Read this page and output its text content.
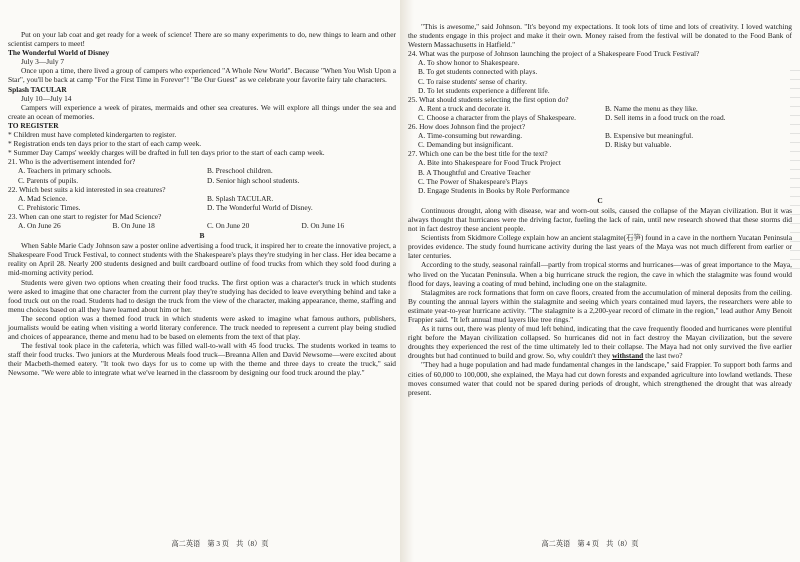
Put on your lab coat and get ready for a week of science! There are so many experiments to do, new things to learn and other scientist campers to meet!

The Wonderful World of Disney

July 3—July 7

Once upon a time, there lived a group of campers who experienced "A Whole New World". Because "When You Wish Upon a Star", you'll be back at camp "For the First Time in Forever"! "Be Our Guest" as we celebrate your favorite fairy tale characters.

Splash TACULAR

July 10—July 14

Campers will experience a week of pirates, mermaids and other sea creatures. We will explore all things under the sea and create an ocean of memories.

TO REGISTER

* Children must have completed kindergarten to register.

* Registration ends ten days prior to the start of each camp week.

* Summer Day Camps' weekly charges will be drafted in full ten days prior to the start of each camp week.

21. Who is the advertisement intended for?

A. Teachers in primary schools.	B. Preschool children.
C. Parents of pupils.	D. Senior high school students.

22. Which best suits a kid interested in sea creatures?

A. Mad Science.	B. Splash TACULAR.
C. Prehistoric Times.	D. The Wonderful World of Disney.

23. When can one start to register for Mad Science?

A. On June 26	B. On June 18	C. On June 20	D. On June 16

B

When Sable Marie Cady Johnson saw a poster online advertising a food truck, it inspired her to create the innovative project, a Shakespeare Food Truck Festival, to connect students with the Shakespeare's plays they're studying in her class. Her idea became a reality on April 28. Nearly 200 students designed and built cardboard outline of food trucks from which they sold food during a mid-morning activity period.

Students were given two options when creating their food trucks. The first option was a character's truck in which students were asked to imagine that one character from the current play they're studying has decided to leave everything behind and take a food truck out on the road. Students had to design the truck from the view of the character, making appearance, theme, staffing and menu choices based on all they have learned about him or her.

The second option was a themed food truck in which students were asked to imagine what famous authors, publishers, journalists would be eating when visiting a world literary conference. The truck needed to represent a current play being studied and choices of appearance, theme and menu had to be based on elements from the text of that play.

The festival took place in the cafeteria, which was filled wall-to-wall with 45 food trucks. The students worked in teams to staff their food trucks. Two juniors at the Murderous Meals food truck—Breanna Allen and David Newsome—were excited about their Macbeth-themed eatery. "It took two days for us to come up with the theme and three days to create the truck," said Newsome. "We were able to integrate what we've learned in the classroom by designing our food truck around the play."

"This is awesome," said Johnson. "It's beyond my expectations. It took lots of time and lots of creativity. I loved watching the students engage in this project and make it their own. Money raised from the festival will be donated to the Food Bank of Western Massachusetts in Hatfield."

24. What was the purpose of Johnson launching the project of a Shakespeare Food Truck Festival?

A. To show honor to Shakespeare.

B. To get students connected with plays.

C. To raise students' sense of charity.

D. To let students experience a different life.

25. What should students selecting the first option do?

A. Rent a truck and decorate it.	B. Name the menu as they like.
C. Choose a character from the plays of Shakespeare.	D. Sell items in a food truck on the road.

26. How does Johnson find the project?

A. Time-consuming but rewarding.	B. Expensive but meaningful.
C. Demanding but insignificant.	D. Risky but valuable.

27. Which one can be the best title for the text?

A. Bite into Shakespeare for Food Truck Project

B. A Thoughtful and Creative Teacher

C. The Power of Shakespeare's Plays

D. Engage Students in Books by Role Performance

C

Continuous drought, along with disease, war and worn-out soils, caused the collapse of the Mayan civilization. But it was always thought that hurricanes were the driving factor, fueling the lack of rain, until new research showed that these storms did not in fact destroy these ancient people.

Scientists from Skidmore College explain how an ancient stalagmite(石笋) found in a cave in the northern Yucatan Peninsula provides evidence. The study found hurricane activity during the last years of the Maya was not much different from earlier or later centuries.

According to the study, seasonal rainfall—partly from tropical storms and hurricanes—was of great importance to the Maya, who lived on the Yucatan Peninsula. When a big hurricane struck the region, the cave in which the stalagmite was found would flood for days, leaving a coating of mud behind, including one on the stalagmite.

Stalagmites are rock formations that form on cave floors, created from the accumulation of mineral deposits from the ceiling. By counting the annual layers within the stalagmite and seeing which years contained mud layers, the researchers were able to estimate year-to-year hurricane activity. "The stalagmite is a 2,200-year record of climate in the region," lead author Amy Benoit Frappier said. "It left annual mud layers like tree rings."

As it turns out, there was plenty of mud left behind, indicating that the cave frequently flooded and hurricanes were plentiful right before the Mayan civilization collapsed. So hurricanes did not in fact destroy the Mayan civilization, but the severe droughts they experienced the rest of the time ultimately led to their collapse. The Maya had not only survived the five earlier droughts but had continued to build and grow. So, why couldn't they withstand the last two?

"They had a huge population and had made fundamental changes in the landscape," said Frappier. To support both farms and cities of 60,000 to 100,000, she explained, the Maya had cut down forests and expanded agriculture into lowland wetlands. These moves consumed water that could not be spared during periods of drought, which strengthened the drought that was already present.

高二英语　第 3 页　共（8）页	高二英语　第 4 页　共（8）页
